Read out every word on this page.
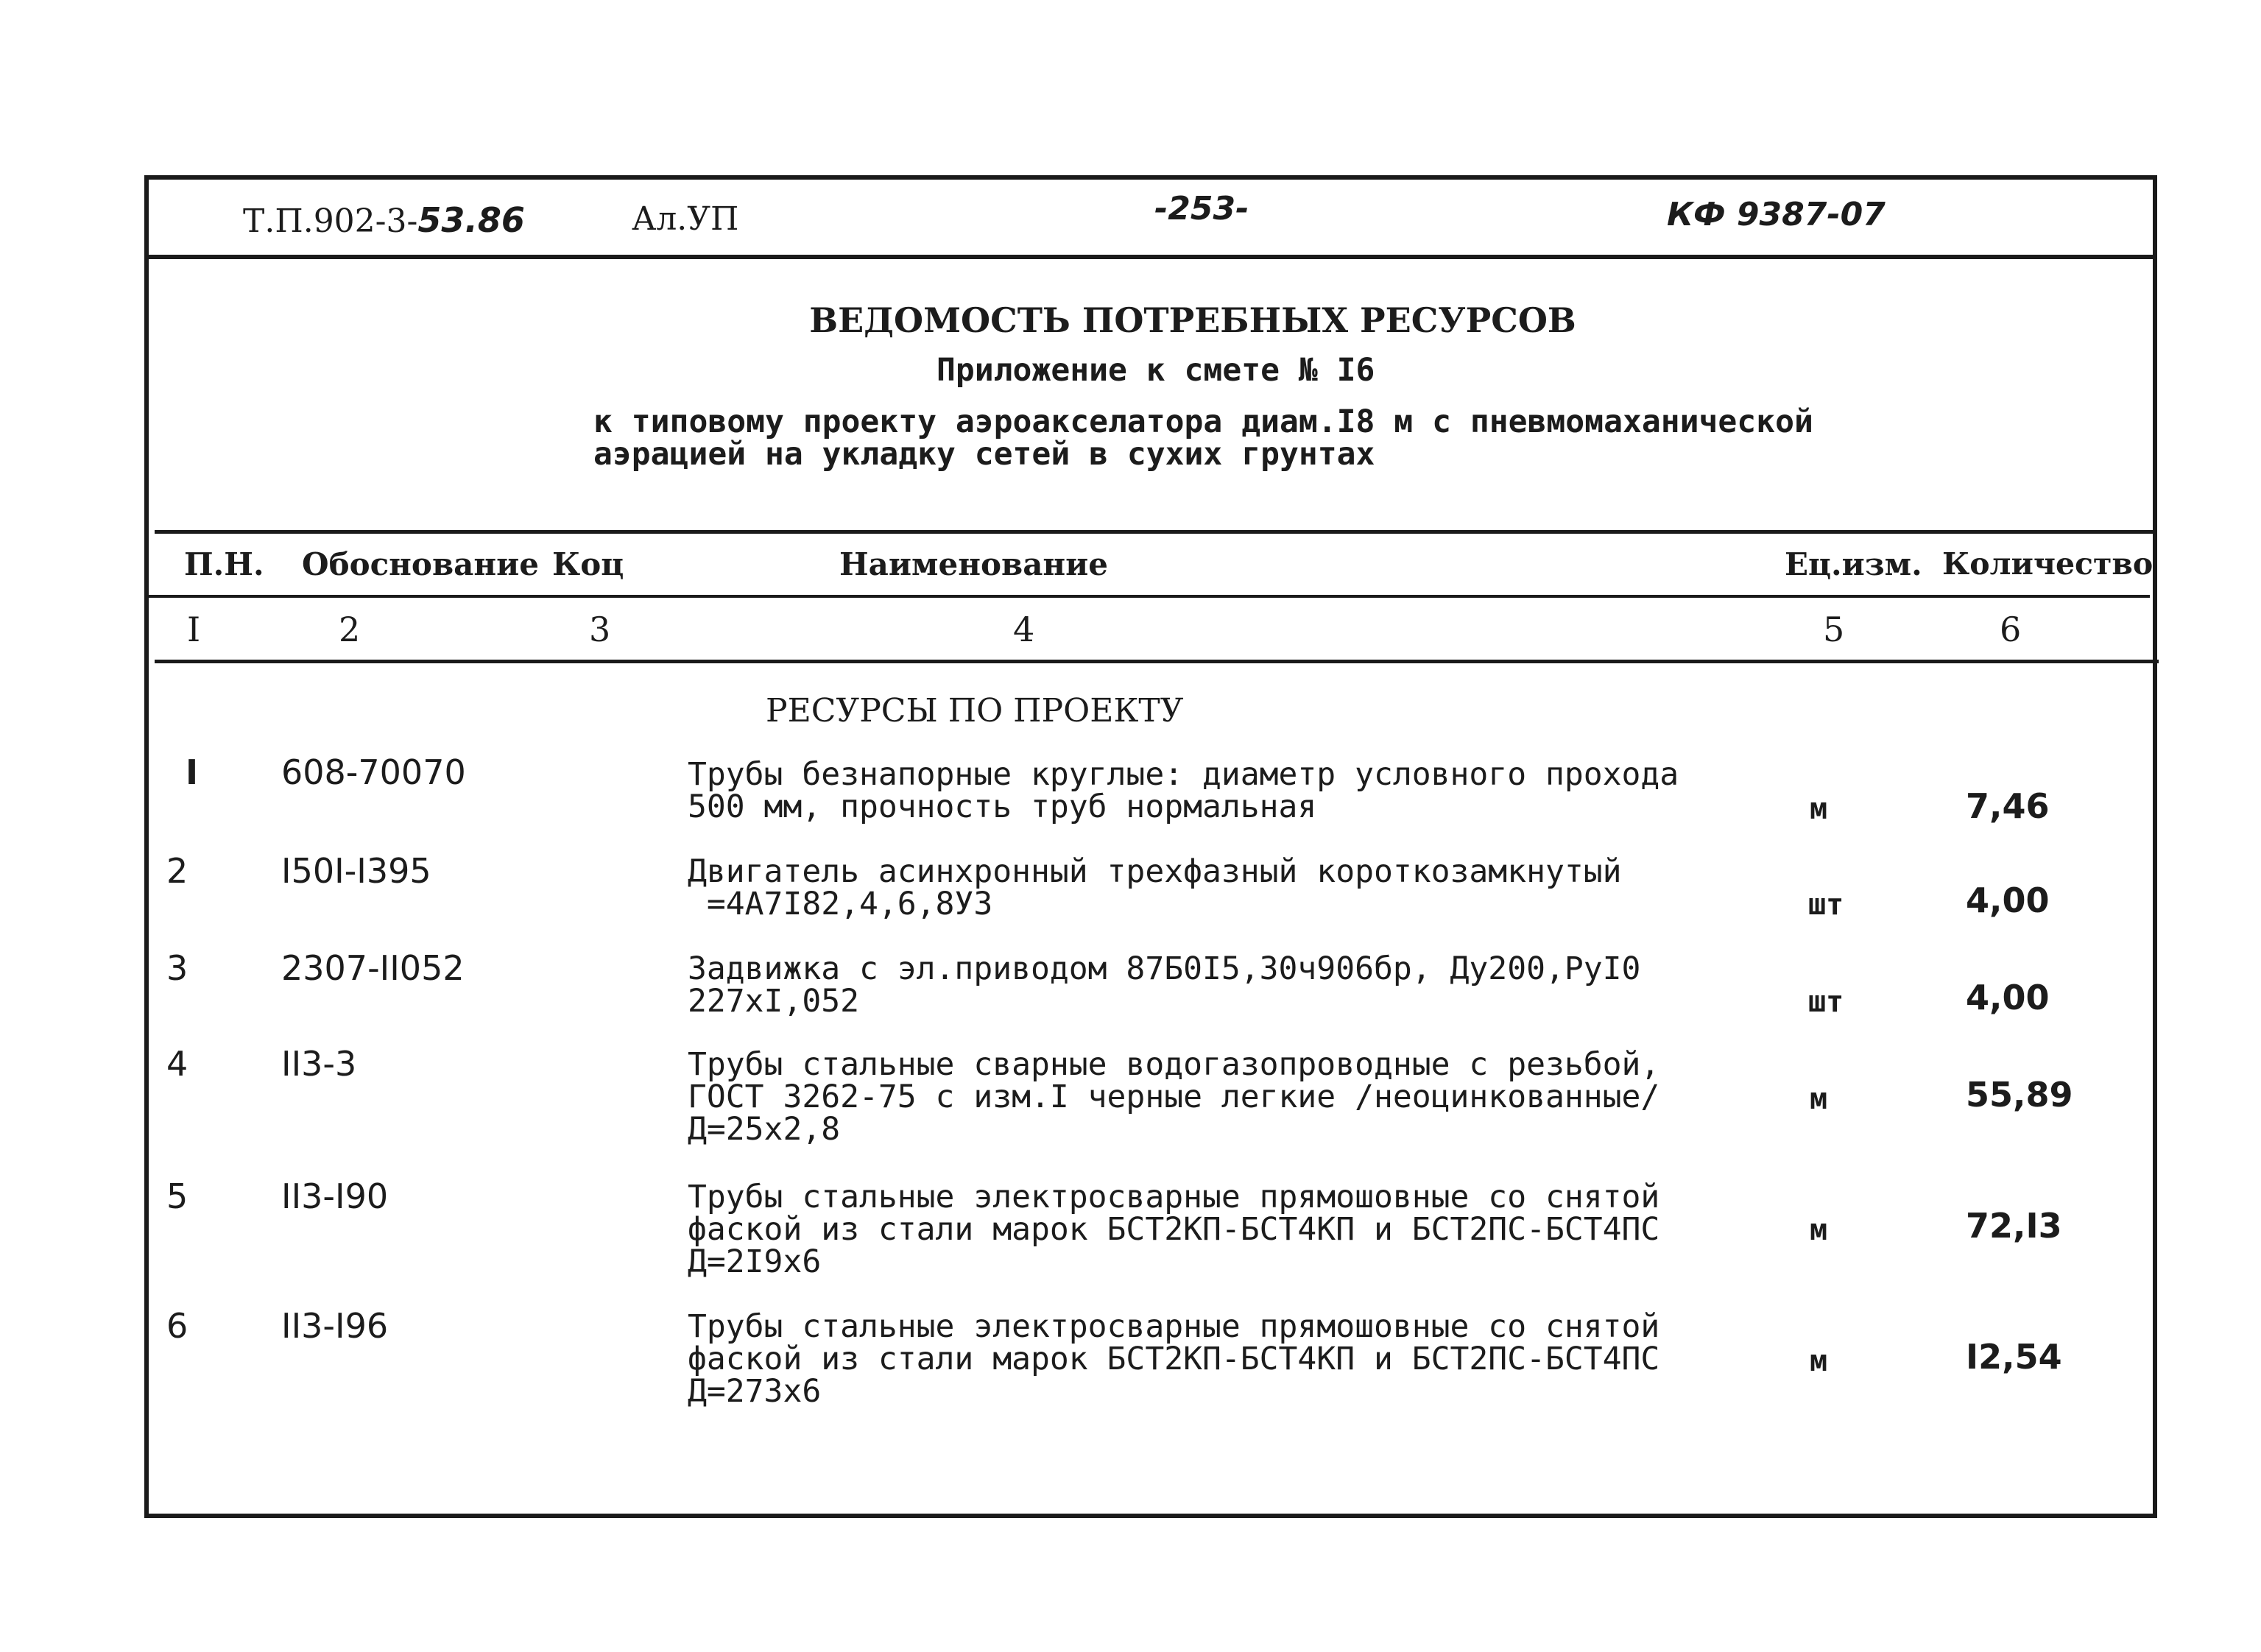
Т.П.902-3-53.86	Ал.УП	-253-	КФ 9387-07
ВЕДОМОСТЬ ПОТРЕБНЫХ РЕСУРСОВ
Приложение к смете № I6
к типовому проекту аэроакселатора диам.I8 м с пневмомаханической
аэрацией на укладку сетей в сухих грунтах
П.Н. Обоснование Коц	Наименование	Ец.изм. Количество
I	2	3	4	5	6
РЕСУРСЫ ПО ПРОЕКТУ
I 608-70070	Трубы безнапорные круглые: диаметр условного прохода
500 мм, прочность труб нормальная	м	7,46
2	I50I-I395	Двигатель асинхронный трехфазный короткозамкнутый
=4А7I82,4,6,8У3	шт	4,00
3	2307-II052	Задвижка с эл.приводом 87Б0I5,30ч906бр, Ду200,РуI0
227хI,052	шт	4,00
4	II3-3	Трубы стальные сварные водогазопроводные с резьбой,
ГОСТ 3262-75 с изм.I черные легкие /неоцинкованные/
Д=25х2,8
м	55,89
5	II3-I90	Трубы стальные электросварные прямошовные со снятой
фаской из стали марок БСТ2КП-БСТ4КП и БСТ2ПС-БСТ4ПС
Д=2I9х6
м	72,I3
6	II3-I96	Трубы стальные электросварные прямошовные со снятой
фаской из стали марок БСТ2КП-БСТ4КП и БСТ2ПС-БСТ4ПС
Д=273х6
м	I2,54
